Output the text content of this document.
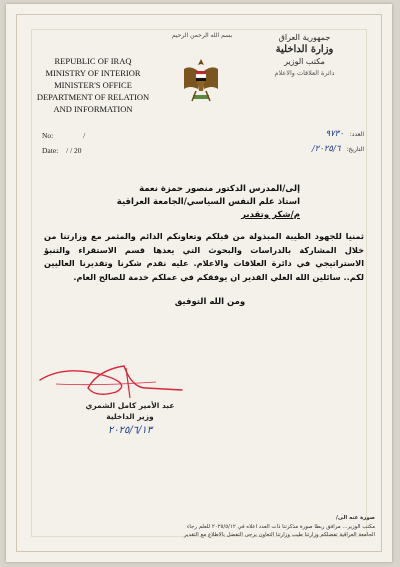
بسم الله الرحمن الرحيم
REPUBLIC OF IRAQ
MINISTRY OF INTERIOR
MINISTER'S OFFICE
DEPARTMENT OF RELATION
AND INFORMATION
جمهورية العراق
وزارة الداخلية
مكتب الوزير
دائرة العلاقات والاعلام
No:	/
Date: / / 20
العدد:
٩٧٣٠
التاريخ:
٢٠٢٥/٦/
إلى/المدرس الدكتور منصور حمزة نعمة
استاذ علم النفس السياسي/الجامعة العراقية
م/شكر وتقدير
ثمنيا للجهود الطيبة المبذولة من قبلكم وتعاونكم الدائم والمثمر مع وزارتنا من خلال المشاركة بالدراسات والبحوث التي يعدها قسم الاستقراء والتنبؤ الاستراتيجي في دائرة العلاقات والاعلام. عليه نقدم شكرنا وتقديرنا العاليين لكم.. سائلين الله العلي القدير ان يوفقكم في عملكم خدمة للصالح العام.
ومن الله التوفيق
عبد الأمير كامل الشمري
وزير الداخلية
٢٠٢٥/٦/١٣
صورة عنه الى/
مكتب الوزير... مرافق ربطا صورة مذكرتنا ذات العدد اعلاه في ٢٠٢٥/٥/١٢ للعلم رجاء
الجامعة العراقية تفضلكم وزارتنا طيب وزارتنا التعاون يرجى التفضل بالاطلاع مع التقدير
